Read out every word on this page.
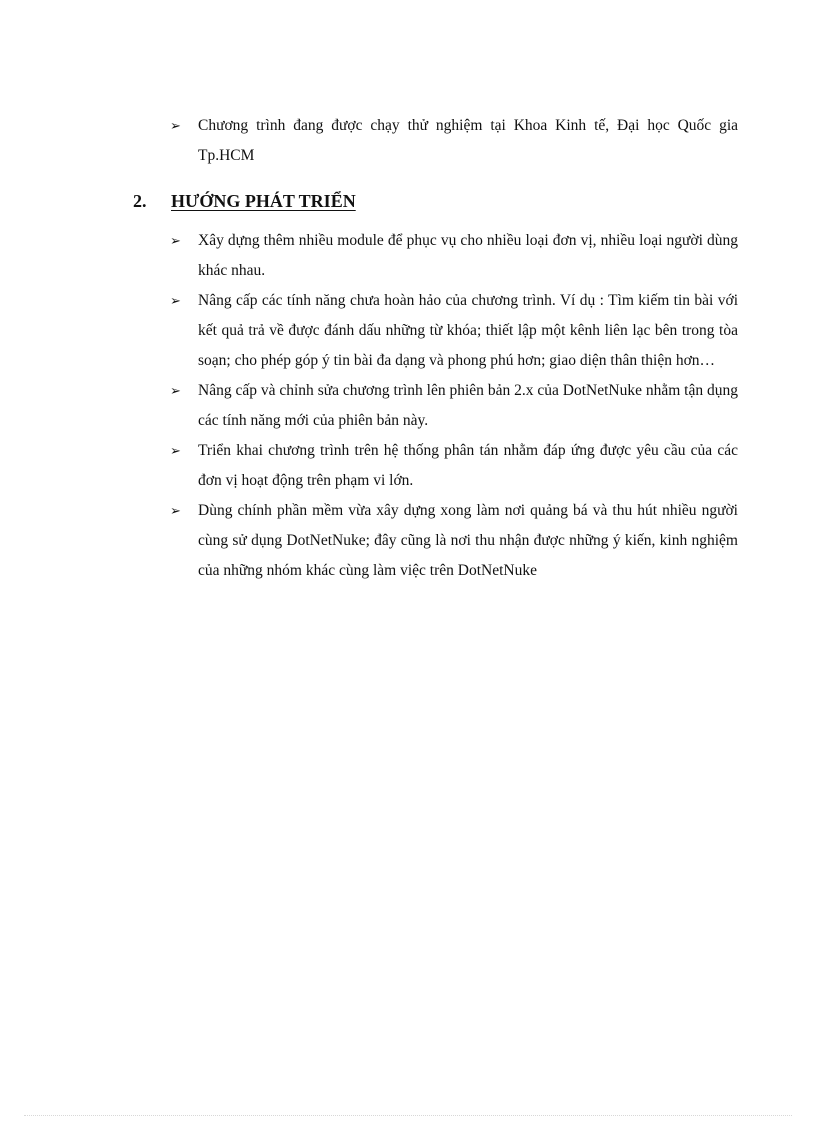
➢ Chương trình đang được chạy thử nghiệm tại Khoa Kinh tế, Đại học Quốc gia Tp.HCM
2. HƯỚNG PHÁT TRIỂN
➢ Xây dựng thêm nhiều module để phục vụ cho nhiều loại đơn vị, nhiều loại người dùng khác nhau.
➢ Nâng cấp các tính năng chưa hoàn hảo của chương trình. Ví dụ : Tìm kiếm tin bài với kết quả trả về được đánh dấu những từ khóa; thiết lập một kênh liên lạc bên trong tòa soạn; cho phép góp ý tin bài đa dạng và phong phú hơn; giao diện thân thiện hơn…
➢ Nâng cấp và chỉnh sửa chương trình lên phiên bản 2.x của DotNetNuke nhằm tận dụng các tính năng mới của phiên bản này.
➢ Triển khai chương trình trên hệ thống phân tán nhằm đáp ứng được yêu cầu của các đơn vị hoạt động trên phạm vi lớn.
➢ Dùng chính phần mềm vừa xây dựng xong làm nơi quảng bá và thu hút nhiều người cùng sử dụng DotNetNuke; đây cũng là nơi thu nhận được những ý kiến, kinh nghiệm của những nhóm khác cùng làm việc trên DotNetNuke
